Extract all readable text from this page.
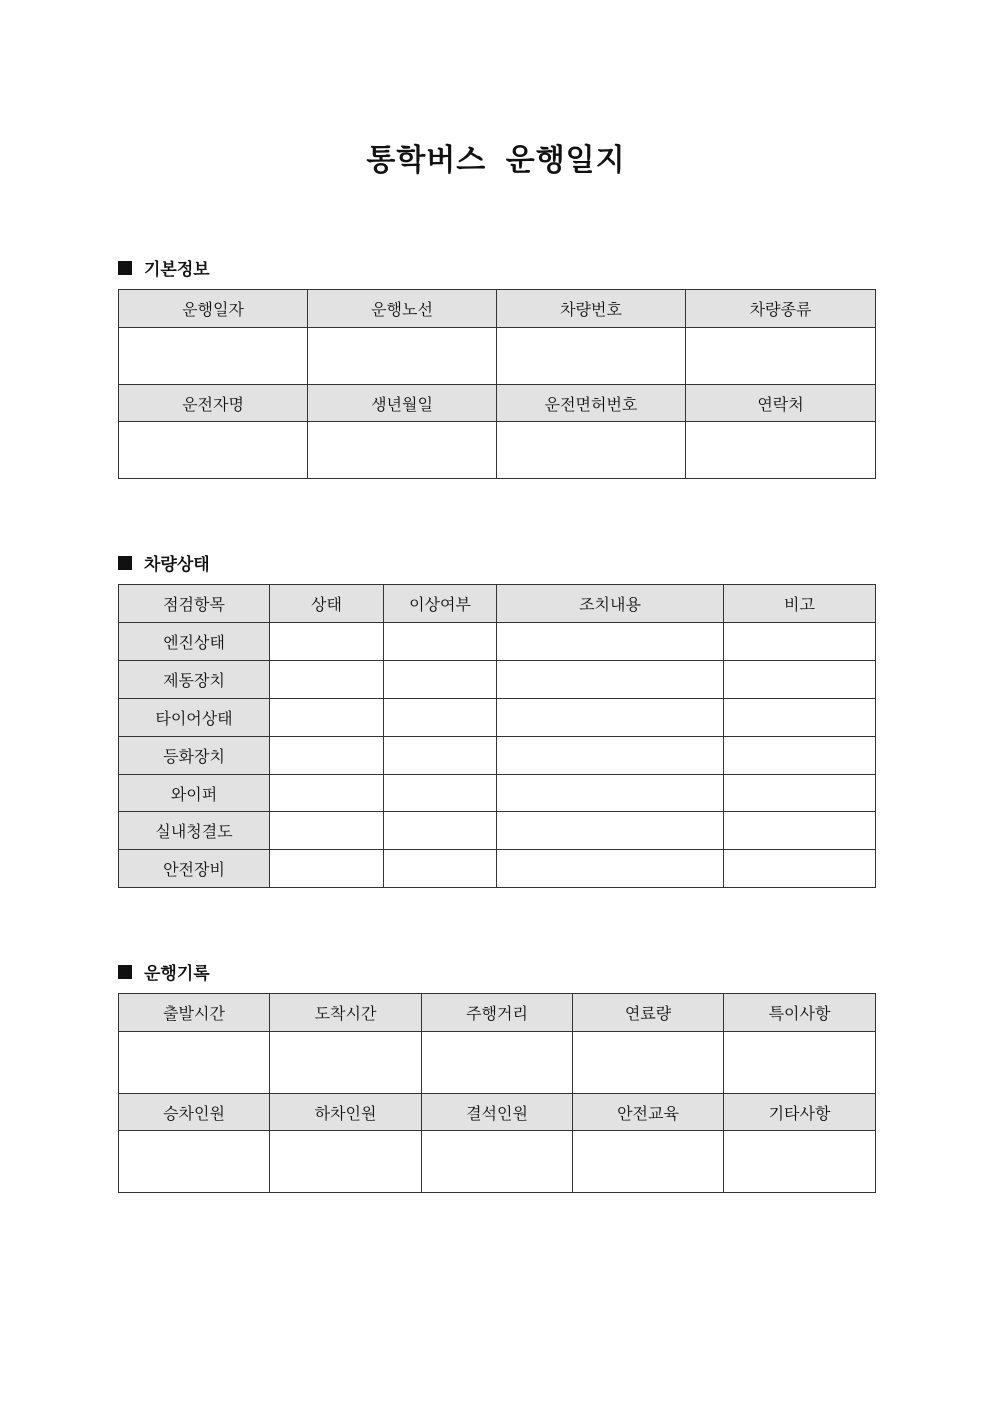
통학버스 운행일지
기본정보
운행일자	운행노선	차량번호	차량종류

운전자명	생년월일	운전면허번호	연락처

차량상태
점검항목	상태	이상여부	조치내용	비고
엔진상태				
제동장치				
타이어상태				
등화장치				
와이퍼				
실내청결도				
안전장비				
운행기록
출발시간	도착시간	주행거리	연료량	특이사항

승차인원	하차인원	결석인원	안전교육	기타사항
